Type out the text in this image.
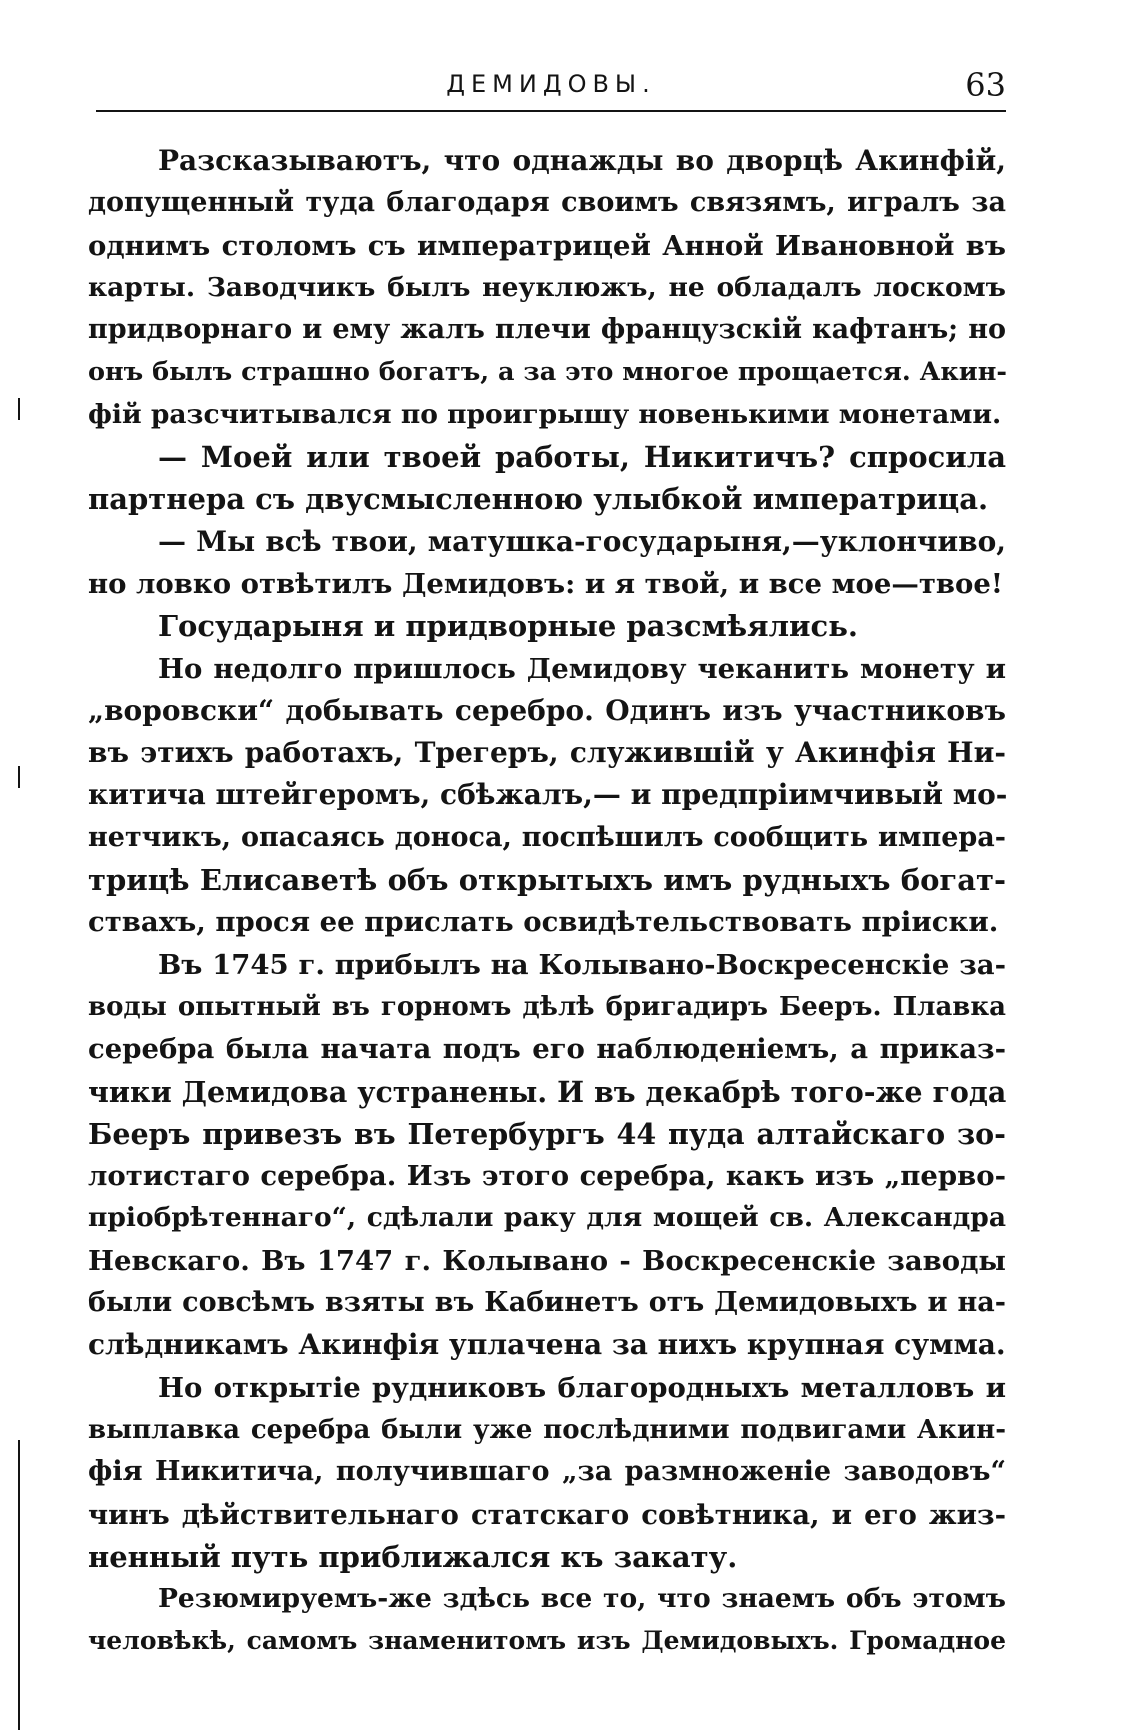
ДЕМИДОВЫ.	63
Разсказываютъ, что однажды во дворцѣ Акинфій,
допущенный туда благодаря своимъ связямъ, игралъ за
однимъ столомъ съ императрицей Анной Ивановной въ
карты. Заводчикъ былъ неуклюжъ, не обладалъ лоскомъ
придворнаго и ему жалъ плечи французскій кафтанъ; но
онъ былъ страшно богатъ, а за это многое прощается. Акин-
фій разсчитывался по проигрышу новенькими монетами.
— Моей или твоей работы, Никитичъ? спросила
партнера съ двусмысленною улыбкой императрица.
— Мы всѣ твои, матушка-государыня,—уклончиво,
но ловко отвѣтилъ Демидовъ: и я твой, и все мое—твое!
Государыня и придворные разсмѣялись.
Но недолго пришлось Демидову чеканить монету и
„воровски“ добывать серебро. Одинъ изъ участниковъ
въ этихъ работахъ, Трегеръ, служившій у Акинфія Ни-
китича штейгеромъ, сбѣжалъ,— и предпріимчивый мо-
нетчикъ, опасаясь доноса, поспѣшилъ сообщить импера-
трицѣ Елисаветѣ объ открытыхъ имъ рудныхъ богат-
ствахъ, прося ее прислать освидѣтельствовать пріиски.
Въ 1745 г. прибылъ на Колывано-Воскресенскіе за-
воды опытный въ горномъ дѣлѣ бригадиръ Бееръ. Плавка
серебра была начата подъ его наблюденіемъ, а приказ-
чики Демидова устранены. И въ декабрѣ того-же года
Бееръ привезъ въ Петербургъ 44 пуда алтайскаго зо-
лотистаго серебра. Изъ этого серебра, какъ изъ „перво-
пріобрѣтеннаго“, сдѣлали раку для мощей св. Александра
Невскаго. Въ 1747 г. Колывано - Воскресенскіе заводы
были совсѣмъ взяты въ Кабинетъ отъ Демидовыхъ и на-
слѣдникамъ Акинфія уплачена за нихъ крупная сумма.
Но открытіе рудниковъ благородныхъ металловъ и
выплавка серебра были уже послѣдними подвигами Акин-
фія Никитича, получившаго „за размноженіе заводовъ“
чинъ дѣйствительнаго статскаго совѣтника, и его жиз-
ненный путь приближался къ закату.
Резюмируемъ-же здѣсь все то, что знаемъ объ этомъ
человѣкѣ, самомъ знаменитомъ изъ Демидовыхъ. Громадное
